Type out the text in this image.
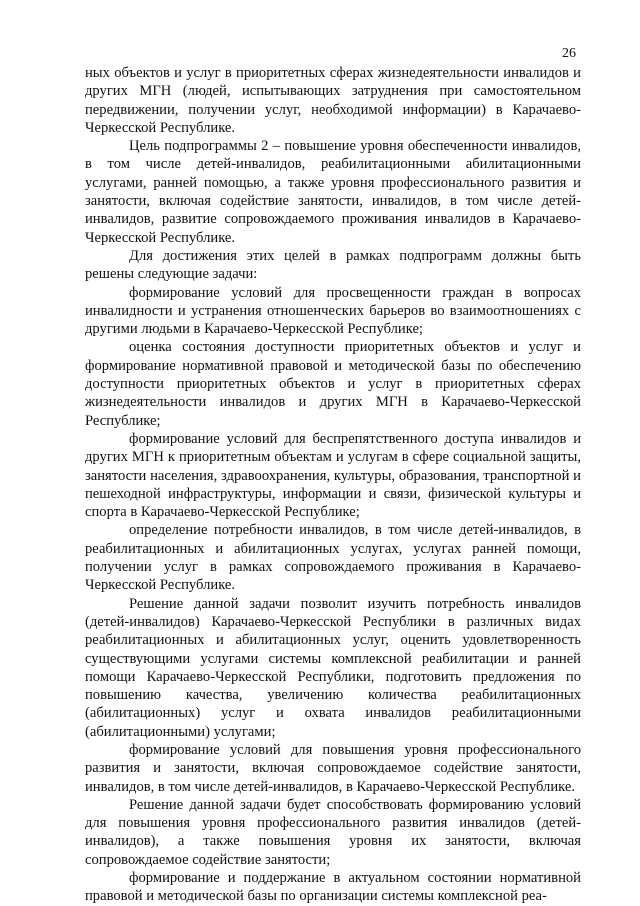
26

ных объектов и услуг в приоритетных сферах жизнедеятельности инвалидов и других МГН (людей, испытывающих затруднения при самостоятельном передвижении, получении услуг, необходимой информации) в Карачаево-Черкесской Республике.

Цель подпрограммы 2 – повышение уровня обеспеченности инвалидов, в том числе детей-инвалидов, реабилитационными абилитационными услугами, ранней помощью, а также уровня профессионального развития и занятости, включая содействие занятости, инвалидов, в том числе детей-инвалидов, развитие сопровождаемого проживания инвалидов в Карачаево-Черкесской Республике.

Для достижения этих целей в рамках подпрограмм должны быть решены следующие задачи:

формирование условий для просвещенности граждан в вопросах инвалидности и устранения отношенческих барьеров во взаимоотношениях с другими людьми в Карачаево-Черкесской Республике;

оценка состояния доступности приоритетных объектов и услуг и формирование нормативной правовой и методической базы по обеспечению доступности приоритетных объектов и услуг в приоритетных сферах жизнедеятельности инвалидов и других МГН в Карачаево-Черкесской Республике;

формирование условий для беспрепятственного доступа инвалидов и других МГН к приоритетным объектам и услугам в сфере социальной защиты, занятости населения, здравоохранения, культуры, образования, транспортной и пешеходной инфраструктуры, информации и связи, физической культуры и спорта в Карачаево-Черкесской Республике;

определение потребности инвалидов, в том числе детей-инвалидов, в реабилитационных и абилитационных услугах, услугах ранней помощи, получении услуг в рамках сопровождаемого проживания в Карачаево-Черкесской Республике.

Решение данной задачи позволит изучить потребность инвалидов (детей-инвалидов) Карачаево-Черкесской Республики в различных видах реабилитационных и абилитационных услуг, оценить удовлетворенность существующими услугами системы комплексной реабилитации и ранней помощи Карачаево-Черкесской Республики, подготовить предложения по повышению качества, увеличению количества реабилитационных (абилитационных) услуг и охвата инвалидов реабилитационными (абилитационными) услугами;

формирование условий для повышения уровня профессионального развития и занятости, включая сопровождаемое содействие занятости, инвалидов, в том числе детей-инвалидов, в Карачаево-Черкесской Республике.

Решение данной задачи будет способствовать формированию условий для повышения уровня профессионального развития инвалидов (детей-инвалидов), а также повышения уровня их занятости, включая сопровождаемое содействие занятости;

формирование и поддержание в актуальном состоянии нормативной правовой и методической базы по организации системы комплексной реа-
